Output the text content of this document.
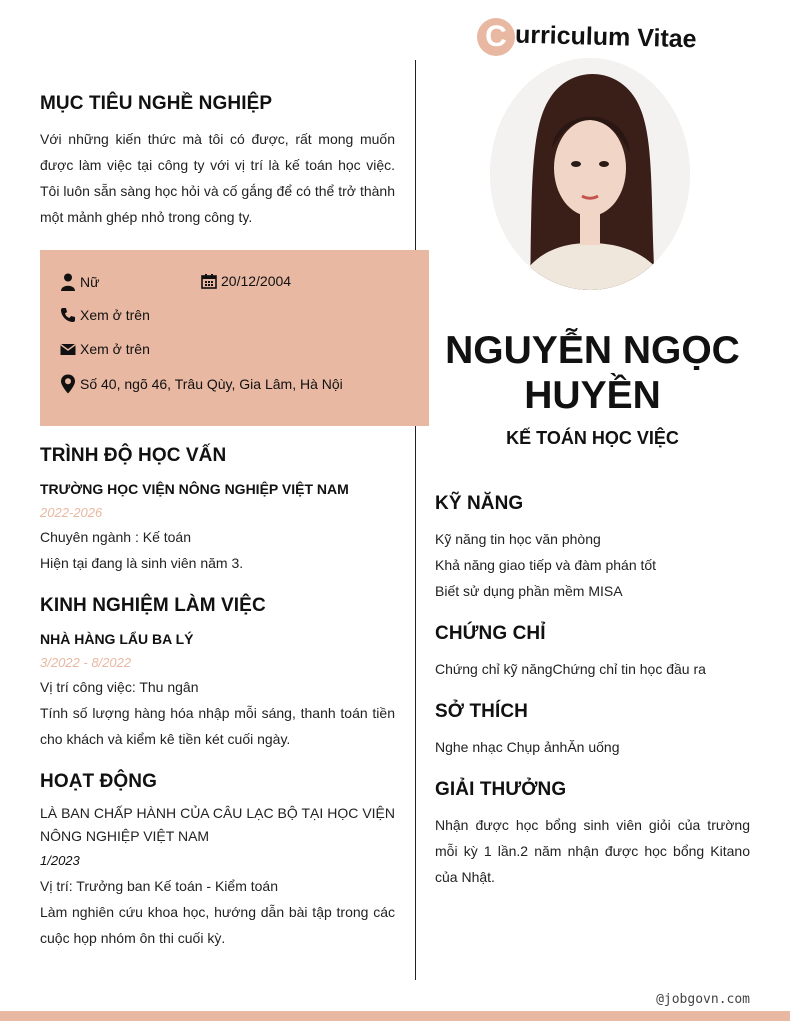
C urriculum Vitae
MỤC TIÊU NGHỀ NGHIỆP
Với những kiến thức mà tôi có được, rất mong muốn được làm việc tại công ty với vị trí là kế toán học việc. Tôi luôn sẵn sàng học hỏi và cố gắng để có thể trở thành một mảnh ghép nhỏ trong công ty.
Nữ	20/12/2004
Xem ở trên
Xem ở trên
Số 40, ngõ 46, Trâu Qùy, Gia Lâm, Hà Nội
TRÌNH ĐỘ HỌC VẤN
TRƯỜNG HỌC VIỆN NÔNG NGHIỆP VIỆT NAM
2022-2026
Chuyên ngành : Kế toán
Hiện tại đang là sinh viên năm 3.
KINH NGHIỆM LÀM VIỆC
NHÀ HÀNG LẨU BA LÝ
3/2022 - 8/2022
Vị trí công việc: Thu ngân
Tính số lượng hàng hóa nhập mỗi sáng, thanh toán tiền cho khách và kiểm kê tiền két cuối ngày.
HOẠT ĐỘNG
LÀ BAN CHẤP HÀNH CỦA CÂU LẠC BỘ TẠI HỌC VIỆN NÔNG NGHIỆP VIỆT NAM
1/2023
Vị trí: Trưởng ban Kế toán - Kiểm toán
Làm nghiên cứu khoa học, hướng dẫn bài tập trong các cuộc họp nhóm ôn thi cuối kỳ.
NGUYỄN NGỌC HUYỀN
KẾ TOÁN HỌC VIỆC
KỸ NĂNG
Kỹ năng tin học văn phòng
Khả năng giao tiếp và đàm phán tốt
Biết sử dụng phần mềm MISA
CHỨNG CHỈ
Chứng chỉ kỹ năngChứng chỉ tin học đầu ra
SỞ THÍCH
Nghe nhạc Chụp ảnhĂn uống
GIẢI THƯỞNG
Nhận được học bổng sinh viên giỏi của trường mỗi kỳ 1 lần.2 năm nhận được học bổng Kitano của Nhật.
@jobgovn.com
